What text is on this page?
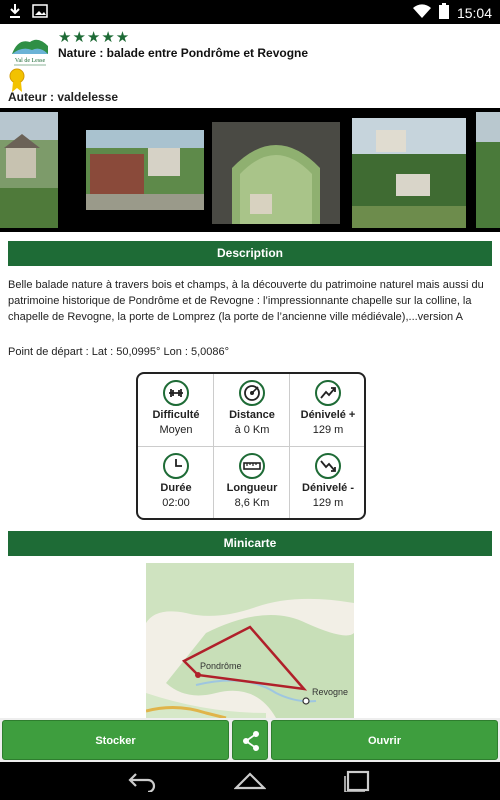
15:04
Val de Lesse
★★★★★
Nature : balade entre Pondrôme et Revogne
Auteur : valdelesse
Description
Belle balade nature à travers bois et champs, à la découverte du patrimoine naturel mais aussi du patrimoine historique de Pondrôme et de Revogne : l’impressionnante chapelle sur la colline, la chapelle de Revogne, la porte de Lomprez (la porte de l’ancienne ville médiévale),...version A
Point de départ : Lat : 50,0995° Lon : 5,0086°
Difficulté
Moyen
Distance
à 0 Km
Dénivelé +
129 m
Durée
02:00
Longueur
8,6 Km
Dénivelé -
129 m
Minicarte
Pondrôme
Revogne
Stocker	Ouvrir
